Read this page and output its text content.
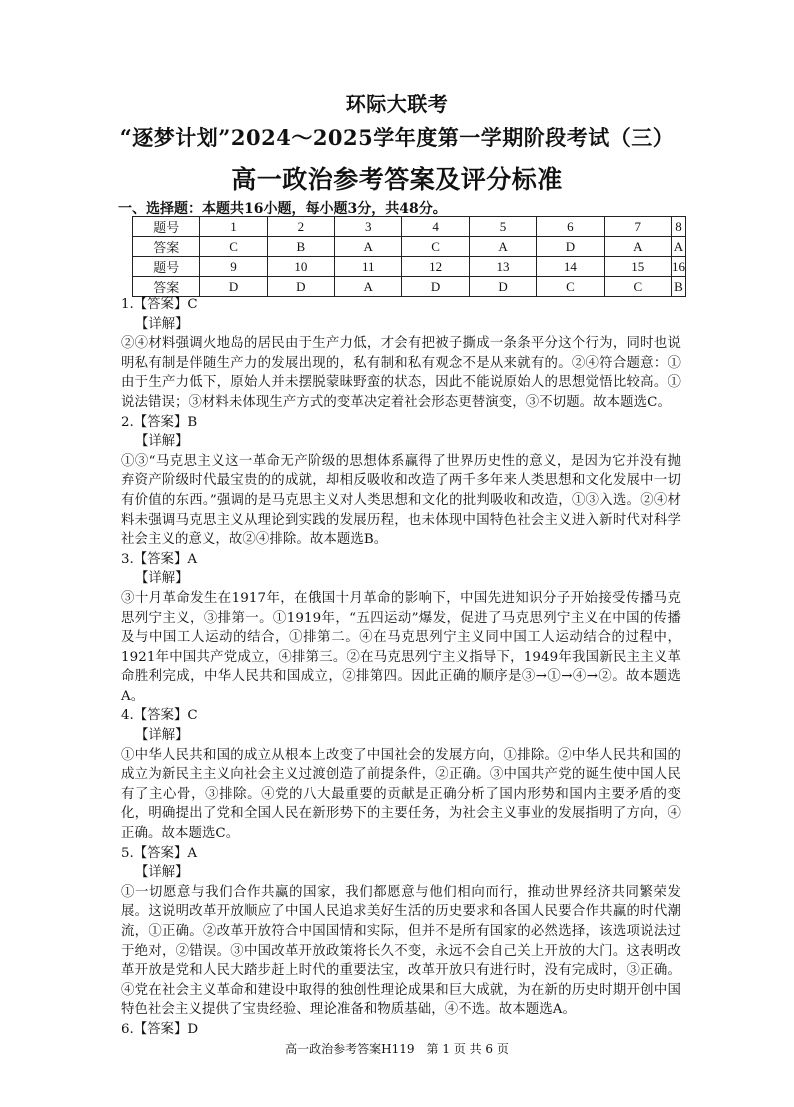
环际大联考
“逐梦计划”2024～2025学年度第一学期阶段考试（三）
高一政治参考答案及评分标准
一、选择题：本题共16小题，每小题3分，共48分。
题号	1	2	3	4	5	6	7	8
答案	C	B	A	C	A	D	A	A
题号	9	10	11	12	13	14	15	16
答案	D	D	A	D	D	C	C	B
1.【答案】C
【详解】
②④材料强调火地岛的居民由于生产力低，才会有把被子撕成一条条平分这个行为，同时也说明私有制是伴随生产力的发展出现的，私有制和私有观念不是从来就有的。②④符合题意：①由于生产力低下，原始人并未摆脱蒙昧野蛮的状态，因此不能说原始人的思想觉悟比较高。①说法错误；③材料未体现生产方式的变革决定着社会形态更替演变，③不切题。故本题选C。
2.【答案】B
【详解】
①③“马克思主义这一革命无产阶级的思想体系赢得了世界历史性的意义，是因为它并没有抛弃资产阶级时代最宝贵的的成就，却相反吸收和改造了两千多年来人类思想和文化发展中一切有价值的东西。”强调的是马克思主义对人类思想和文化的批判吸收和改造，①③入选。②④材料未强调马克思主义从理论到实践的发展历程，也未体现中国特色社会主义进入新时代对科学社会主义的意义，故②④排除。故本题选B。
3.【答案】A
【详解】
③十月革命发生在1917年，在俄国十月革命的影响下，中国先进知识分子开始接受传播马克思列宁主义，③排第一。①1919年，“五四运动”爆发，促进了马克思列宁主义在中国的传播及与中国工人运动的结合，①排第二。④在马克思列宁主义同中国工人运动结合的过程中，1921年中国共产党成立，④排第三。②在马克思列宁主义指导下，1949年我国新民主主义革命胜利完成，中华人民共和国成立，②排第四。因此正确的顺序是③→①→④→②。故本题选A。
4.【答案】C
【详解】
①中华人民共和国的成立从根本上改变了中国社会的发展方向，①排除。②中华人民共和国的成立为新民主主义向社会主义过渡创造了前提条件，②正确。③中国共产党的诞生使中国人民有了主心骨，③排除。④党的八大最重要的贡献是正确分析了国内形势和国内主要矛盾的变化，明确提出了党和全国人民在新形势下的主要任务，为社会主义事业的发展指明了方向，④正确。故本题选C。
5.【答案】A
【详解】
①一切愿意与我们合作共赢的国家，我们都愿意与他们相向而行，推动世界经济共同繁荣发展。这说明改革开放顺应了中国人民追求美好生活的历史要求和各国人民要合作共赢的时代潮流，①正确。②改革开放符合中国国情和实际，但并不是所有国家的必然选择，该选项说法过于绝对，②错误。③中国改革开放政策将长久不变，永远不会自己关上开放的大门。这表明改革开放是党和人民大踏步赶上时代的重要法宝，改革开放只有进行时，没有完成时，③正确。④党在社会主义革命和建设中取得的独创性理论成果和巨大成就，为在新的历史时期开创中国特色社会主义提供了宝贵经验、理论准备和物质基础，④不选。故本题选A。
6.【答案】D
高一政治参考答案H119　第 1 页 共 6 页
